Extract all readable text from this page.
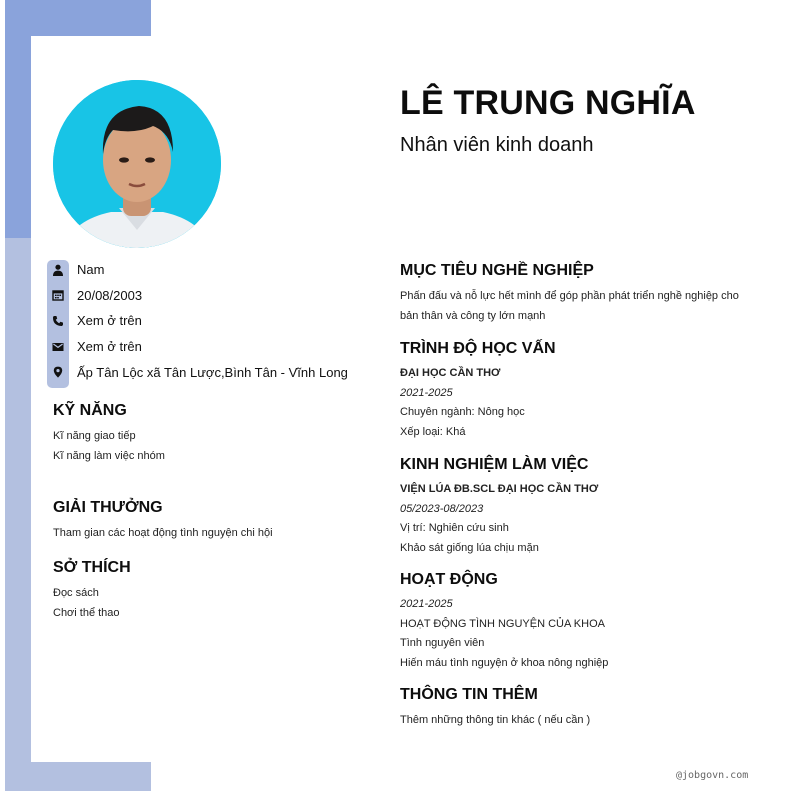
LÊ TRUNG NGHĨA
Nhân viên kinh doanh
Nam
20/08/2003
Xem ở trên
Xem ở trên
Ấp Tân Lộc xã Tân Lược,Bình Tân - Vĩnh Long
KỸ NĂNG
Kĩ năng giao tiếp
Kĩ năng làm việc nhóm
GIẢI THƯỞNG
Tham gian các hoạt động tình nguyện chi hội
SỞ THÍCH
Đọc sách
Chơi thể thao
MỤC TIÊU NGHỀ NGHIỆP
Phấn đấu và nỗ lực hết mình để góp phần phát triển nghề nghiệp cho bản thân và công ty lớn mạnh
TRÌNH ĐỘ HỌC VẤN
ĐẠI HỌC CẦN THƠ
2021-2025
Chuyên ngành: Nông học
Xếp loại: Khá
KINH NGHIỆM LÀM VIỆC
VIỆN LÚA ĐB.SCL ĐẠI HỌC CẦN THƠ
05/2023-08/2023
Vị trí: Nghiên cứu sinh
Khảo sát giống lúa chịu mặn
HOẠT ĐỘNG
2021-2025
HOẠT ĐỘNG TÌNH NGUYỆN CỦA KHOA
Tình nguyên viên
Hiến máu tình nguyện ở khoa nông nghiệp
THÔNG TIN THÊM
Thêm những thông tin khác ( nếu cần )
@jobgovn.com
